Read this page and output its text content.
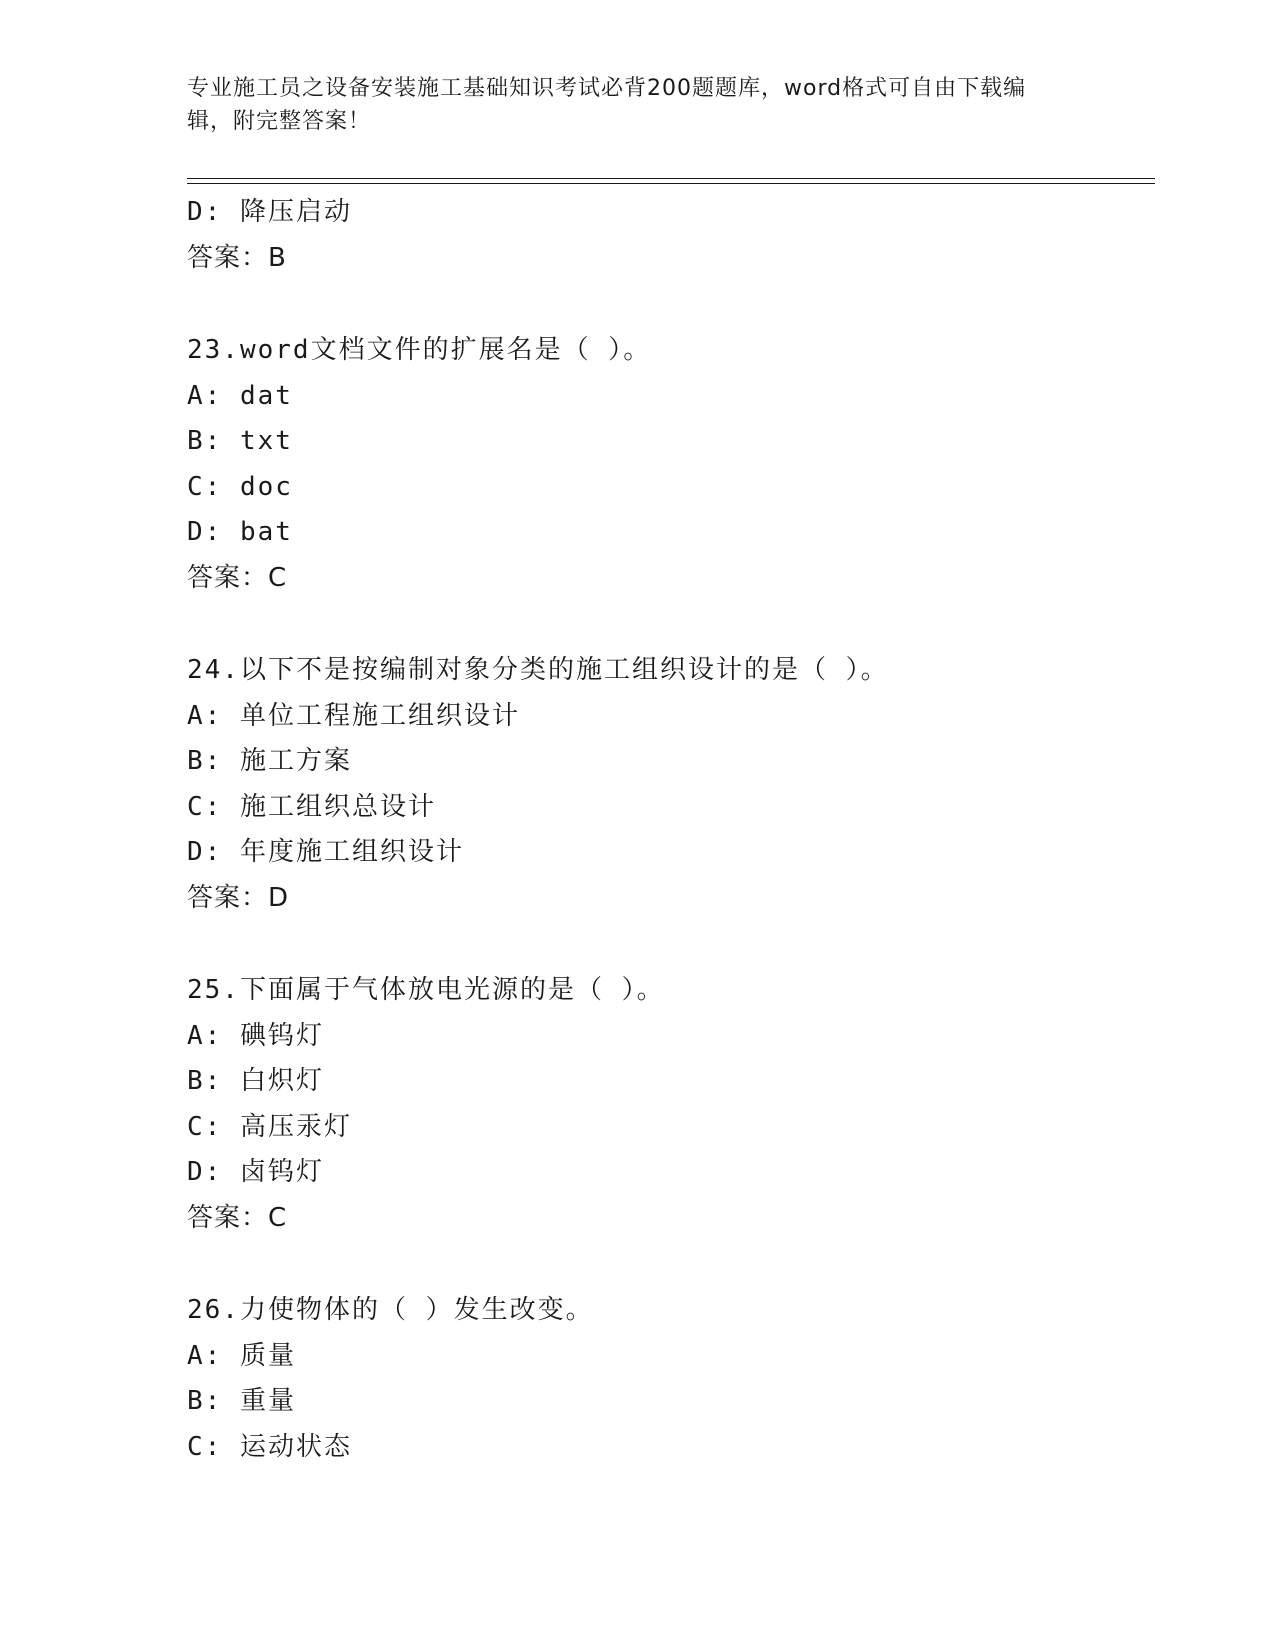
专业施工员之设备安装施工基础知识考试必背200题题库，word格式可自由下载编辑，附完整答案！
D: 降压启动
答案：B
23.word文档文件的扩展名是（ ）。
A: dat
B: txt
C: doc
D: bat
答案：C
24.以下不是按编制对象分类的施工组织设计的是（ ）。
A: 单位工程施工组织设计
B: 施工方案
C: 施工组织总设计
D: 年度施工组织设计
答案：D
25.下面属于气体放电光源的是（ ）。
A: 碘钨灯
B: 白炽灯
C: 高压汞灯
D: 卤钨灯
答案：C
26.力使物体的（ ）发生改变。
A: 质量
B: 重量
C: 运动状态
